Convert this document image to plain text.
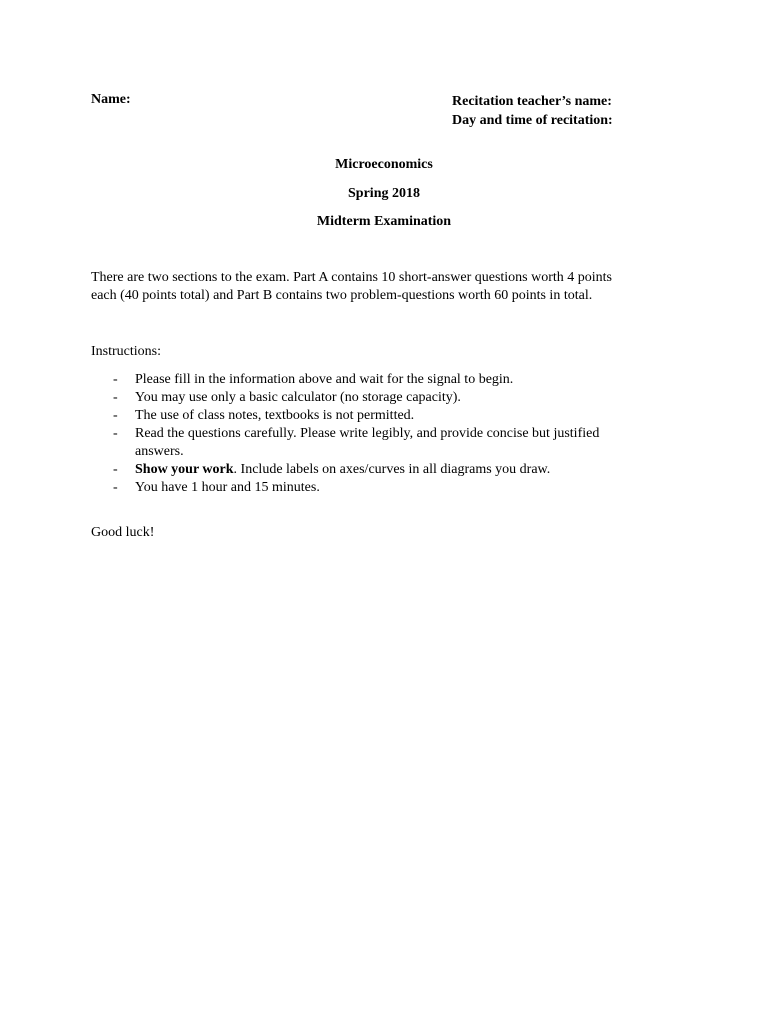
Name:	Recitation teacher’s name:
Day and time of recitation:

Microeconomics

Spring 2018

Midterm Examination

There are two sections to the exam. Part A contains 10 short-answer questions worth 4 points
each (40 points total) and Part B contains two problem-questions worth 60 points in total.

Instructions:

- Please fill in the information above and wait for the signal to begin.
- You may use only a basic calculator (no storage capacity).
- The use of class notes, textbooks is not permitted.
- Read the questions carefully. Please write legibly, and provide concise but justified
answers.
- Show your work. Include labels on axes/curves in all diagrams you draw.
- You have 1 hour and 15 minutes.

Good luck!
